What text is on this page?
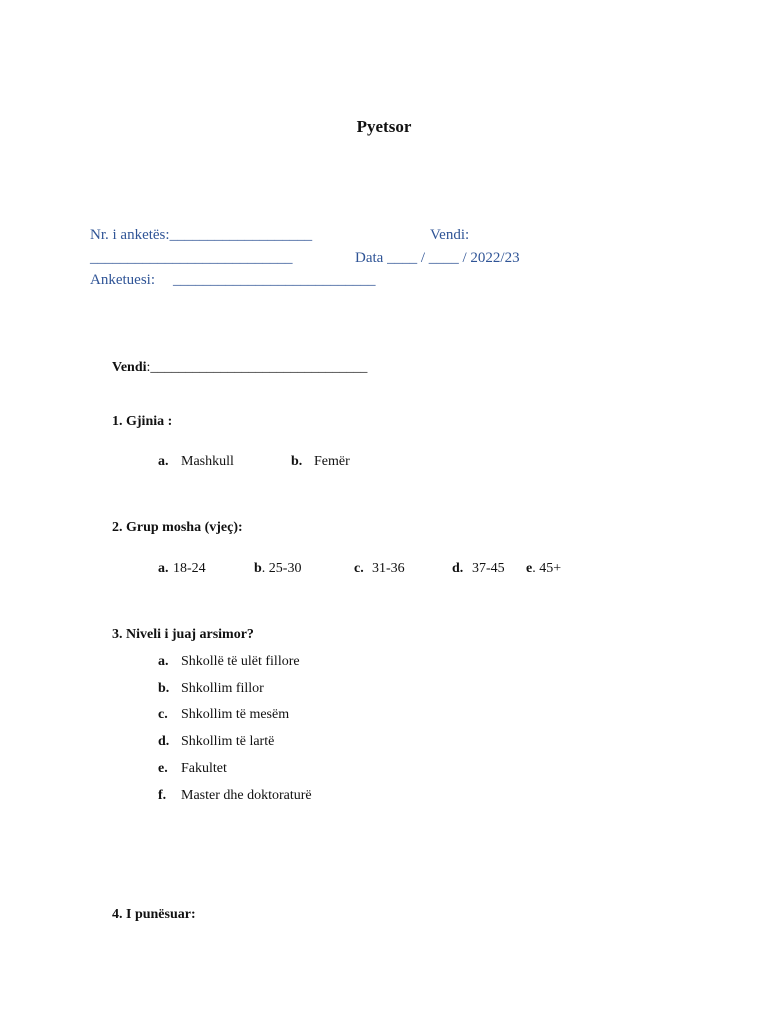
Pyetsor
Nr. i anketës:___________________	Vendi:
___________________________	Data ____ / ____ / 2022/23
Anketuesi: ___________________________
Vendi:_______________________________
1. Gjinia :
a. Mashkull	b. Femër
2. Grup mosha (vjeç):
a. 18-24	b. 25-30	c. 31-36	d. 37-45 e. 45+
3. Niveli i juaj arsimor?
a. Shkollë të ulët fillore
b. Shkollim fillor
c. Shkollim të mesëm
d. Shkollim të lartë
e. Fakultet
f. Master dhe doktoraturë
4. I punësuar:
